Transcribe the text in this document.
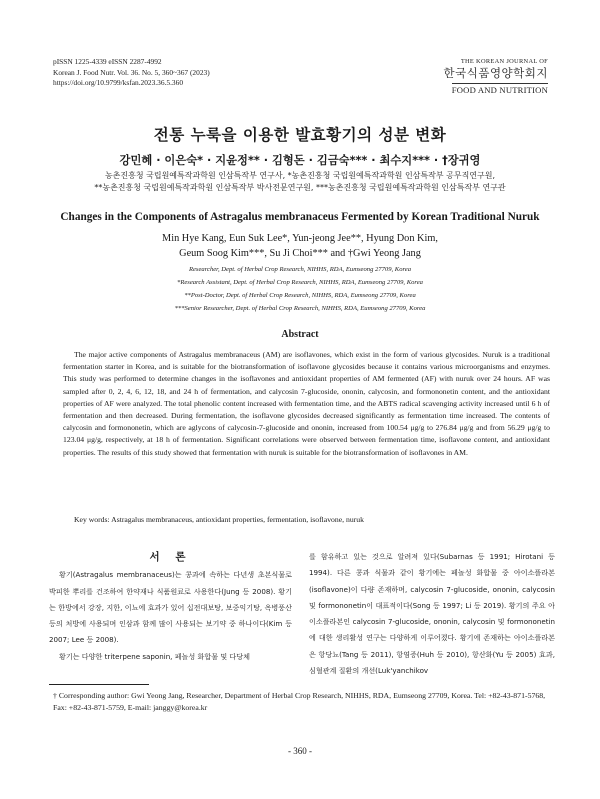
pISSN 1225-4339 eISSN 2287-4992
Korean J. Food Nutr. Vol. 36. No. 5, 360~367 (2023)
https://doi.org/10.9799/ksfan.2023.36.5.360
THE KOREAN JOURNAL OF
한국식품영양학회지
FOOD AND NUTRITION
전통 누룩을 이용한 발효황기의 성분 변화
강민혜 · 이은숙* · 지윤정** · 김형돈 · 김금숙*** · 최수지*** · †장귀영
농촌진흥청 국립원예특작과학원 인삼특작부 연구사, *농촌진흥청 국립원예특작과학원 인삼특작부 공무직연구원,
**농촌진흥청 국립원예특작과학원 인삼특작부 박사전문연구원, ***농촌진흥청 국립원예특작과학원 인삼특작부 연구관
Changes in the Components of Astragalus membranaceus Fermented by Korean Traditional Nuruk
Min Hye Kang, Eun Suk Lee*, Yun-jeong Jee**, Hyung Don Kim,
Geum Soog Kim***, Su Ji Choi*** and †Gwi Yeong Jang
Researcher, Dept. of Herbal Crop Research, NIHHS, RDA, Eumseong 27709, Korea
*Research Assistant, Dept. of Herbal Crop Research, NIHHS, RDA, Eumseong 27709, Korea
**Post-Doctor, Dept. of Herbal Crop Research, NIHHS, RDA, Eumseong 27709, Korea
***Senior Researcher, Dept. of Herbal Crop Research, NIHHS, RDA, Eumseong 27709, Korea
Abstract

The major active components of Astragalus membranaceus (AM) are isoflavones, which exist in the form of various glycosides. Nuruk is a traditional fermentation starter in Korea, and is suitable for the biotransformation of isoflavone glycosides because it contains various microorganisms and enzymes. This study was performed to determine changes in the isoflavones and antioxidant properties of AM fermented (AF) with nuruk over 24 hours. AF was sampled after 0, 2, 4, 6, 12, 18, and 24 h of fermentation, and calycosin 7-glucoside, ononin, calycosin, and formononetin content, and the antioxidant properties of AF were analyzed. The total phenolic content increased with fermentation time, and the ABTS radical scavenging activity increased until 6 h of fermentation and then decreased. During fermentation, the isoflavone glycosides decreased significantly as fermentation time increased. The contents of calycosin and formononetin, which are aglycons of calycosin-7-glucoside and ononin, increased from 100.54 μg/g to 276.84 μg/g and from 56.29 μg/g to 123.04 μg/g, respectively, at 18 h of fermentation. Significant correlations were observed between fermentation time, isoflavone content, and antioxidant properties. The results of this study showed that fermentation with nuruk is suitable for the biotransformation of isoflavones in AM.

Key words: Astragalus membranaceus, antioxidant properties, fermentation, isoflavone, nuruk
서 론

황기(Astragalus membranaceus)는 콩과에 속하는 다년생 초본식물로 박피한 뿌리를 건조하여 한약재나 식품원료로 사용한다(Jung 등 2008). 황기는 한방에서 강장, 지한, 이뇨에 효과가 있어 십전대보탕, 보중익기탕, 옥병풍산 등의 처방에 사용되며 인삼과 함께 많이 사용되는 보기약 중 하나이다(Kim 등 2007; Lee 등 2008).

황기는 다양한 triterpene saponin, 페놀성 화합물 및 다당체

를 함유하고 있는 것으로 알려져 있다(Subarnas 등 1991; Hirotani 등 1994). 다른 콩과 식물과 같이 황기에는 페놀성 화합물 중 아이소플라본(isoflavone)이 다량 존재하며, calycosin 7-glucoside, ononin, calycosin 및 formononetin이 대표적이다(Song 등 1997; Li 등 2019). 황기의 주요 아이소플라본인 calycosin 7-glucoside, ononin, calycosin 및 formononetin에 대한 생리활성 연구는 다양하게 이루어졌다. 황기에 존재하는 아이소플라본은 항당뇨(Tang 등 2011), 항염증(Huh 등 2010), 항산화(Yu 등 2005) 효과, 심혈관계 질환의 개선(Luk'yanchikov

† Corresponding author: Gwi Yeong Jang, Researcher, Department of Herbal Crop Research, NIHHS, RDA, Eumseong 27709, Korea. Tel: +82-43-871-5768, Fax: +82-43-871-5759, E-mail: janggy@korea.kr
- 360 -
